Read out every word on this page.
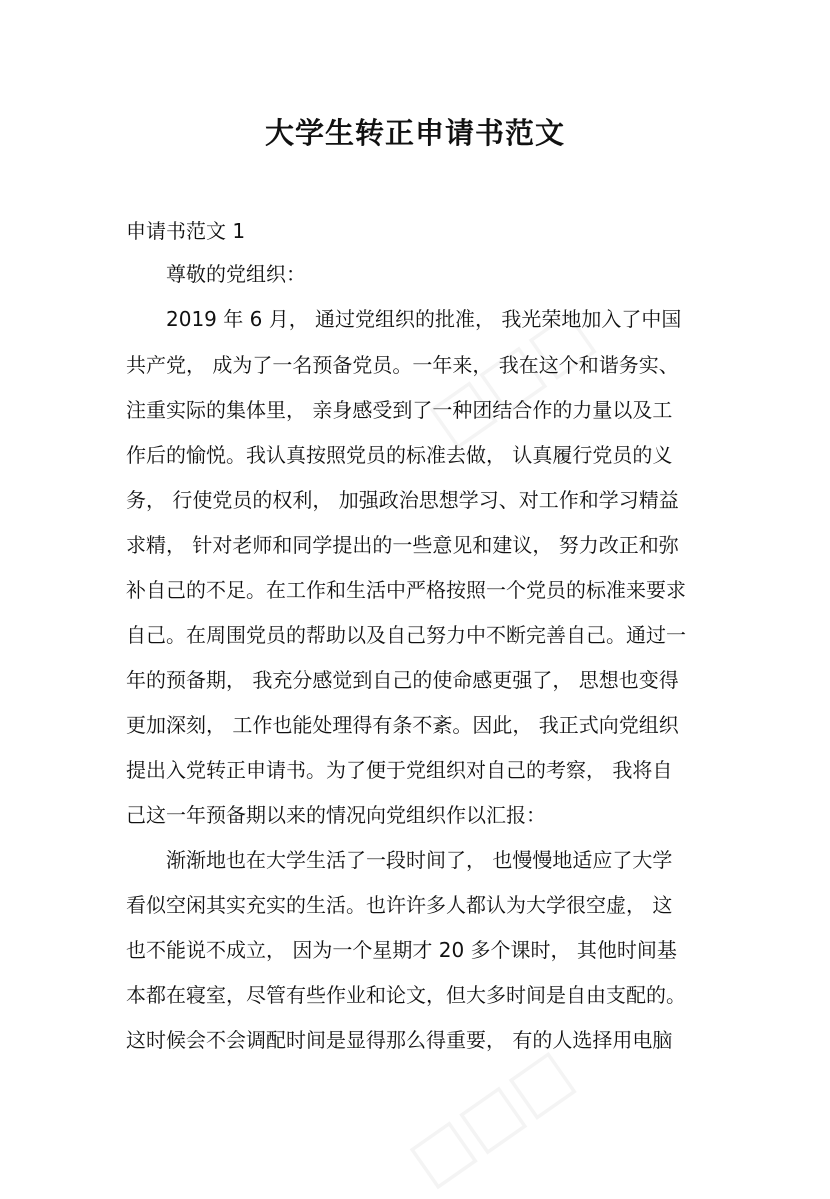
大学生转正申请书范文
申请书范文 1
尊敬的党组织：
2019 年 6 月， 通过党组织的批准， 我光荣地加入了中国
共产党， 成为了一名预备党员。一年来， 我在这个和谐务实、
注重实际的集体里， 亲身感受到了一种团结合作的力量以及工
作后的愉悦。我认真按照党员的标准去做， 认真履行党员的义
务， 行使党员的权利， 加强政治思想学习、对工作和学习精益
求精， 针对老师和同学提出的一些意见和建议， 努力改正和弥
补自己的不足。在工作和生活中严格按照一个党员的标准来要求
自己。在周围党员的帮助以及自己努力中不断完善自己。通过一
年的预备期， 我充分感觉到自己的使命感更强了， 思想也变得
更加深刻， 工作也能处理得有条不紊。因此， 我正式向党组织
提出入党转正申请书。为了便于党组织对自己的考察， 我将自
己这一年预备期以来的情况向党组织作以汇报：
渐渐地也在大学生活了一段时间了， 也慢慢地适应了大学
看似空闲其实充实的生活。也许许多人都认为大学很空虚， 这
也不能说不成立， 因为一个星期才 20 多个课时， 其他时间基
本都在寝室，尽管有些作业和论文，但大多时间是自由支配的。
这时候会不会调配时间是显得那么得重要， 有的人选择用电脑
